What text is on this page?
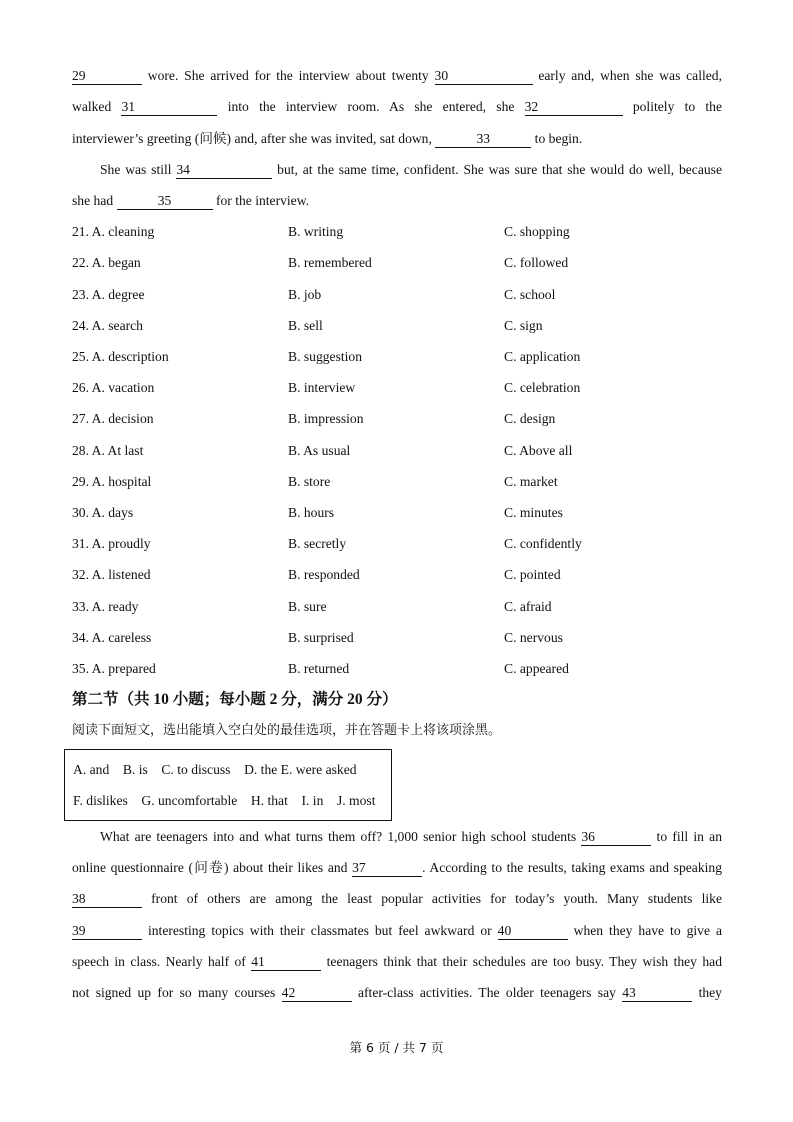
29	wore. She arrived for the interview about twenty 30	early and, when she was called,
walked 31	into the interview room. As she entered, she 32	politely to the
interviewer’s greeting (问候) and, after she was invited, sat down,	33	to begin.
She was still 34	but, at the same time, confident. She was sure that she would do well, because
she had	35	for the interview.
21. A. cleaning	B. writing	C. shopping
22. A. began	B. remembered	C. followed
23. A. degree	B. job	C. school
24. A. search	B. sell	C. sign
25. A. description	B. suggestion	C. application
26. A. vacation	B. interview	C. celebration
27. A. decision	B. impression	C. design
28. A. At last	B. As usual	C. Above all
29. A. hospital	B. store	C. market
30. A. days	B. hours	C. minutes
31. A. proudly	B. secretly	C. confidently
32. A. listened	B. responded	C. pointed
33. A. ready	B. sure	C. afraid
34. A. careless	B. surprised	C. nervous
35. A. prepared	B. returned	C. appeared
第二节（共 10 小题；每小题 2 分，满分 20 分）
阅读下面短文，选出能填入空白处的最佳选项，并在答题卡上将该项涂黑。
A. and    B. is    C. to discuss    D. the E. were asked
F. dislikes    G. uncomfortable    H. that    I. in    J. most
What are teenagers into and what turns them off? 1,000 senior high school students 36	to fill in an
online questionnaire (问卷) about their likes and 37	. According to the results, taking exams and speaking
38	front of others are among the least popular activities for today’s youth. Many students like
39	interesting topics with their classmates but feel awkward or 40	when they have to give a
speech in class. Nearly half of 41	teenagers think that their schedules are too busy. They wish they had
not signed up for so many courses 42	after-class activities. The older teenagers say 43	they
第 6 页 / 共 7 页
